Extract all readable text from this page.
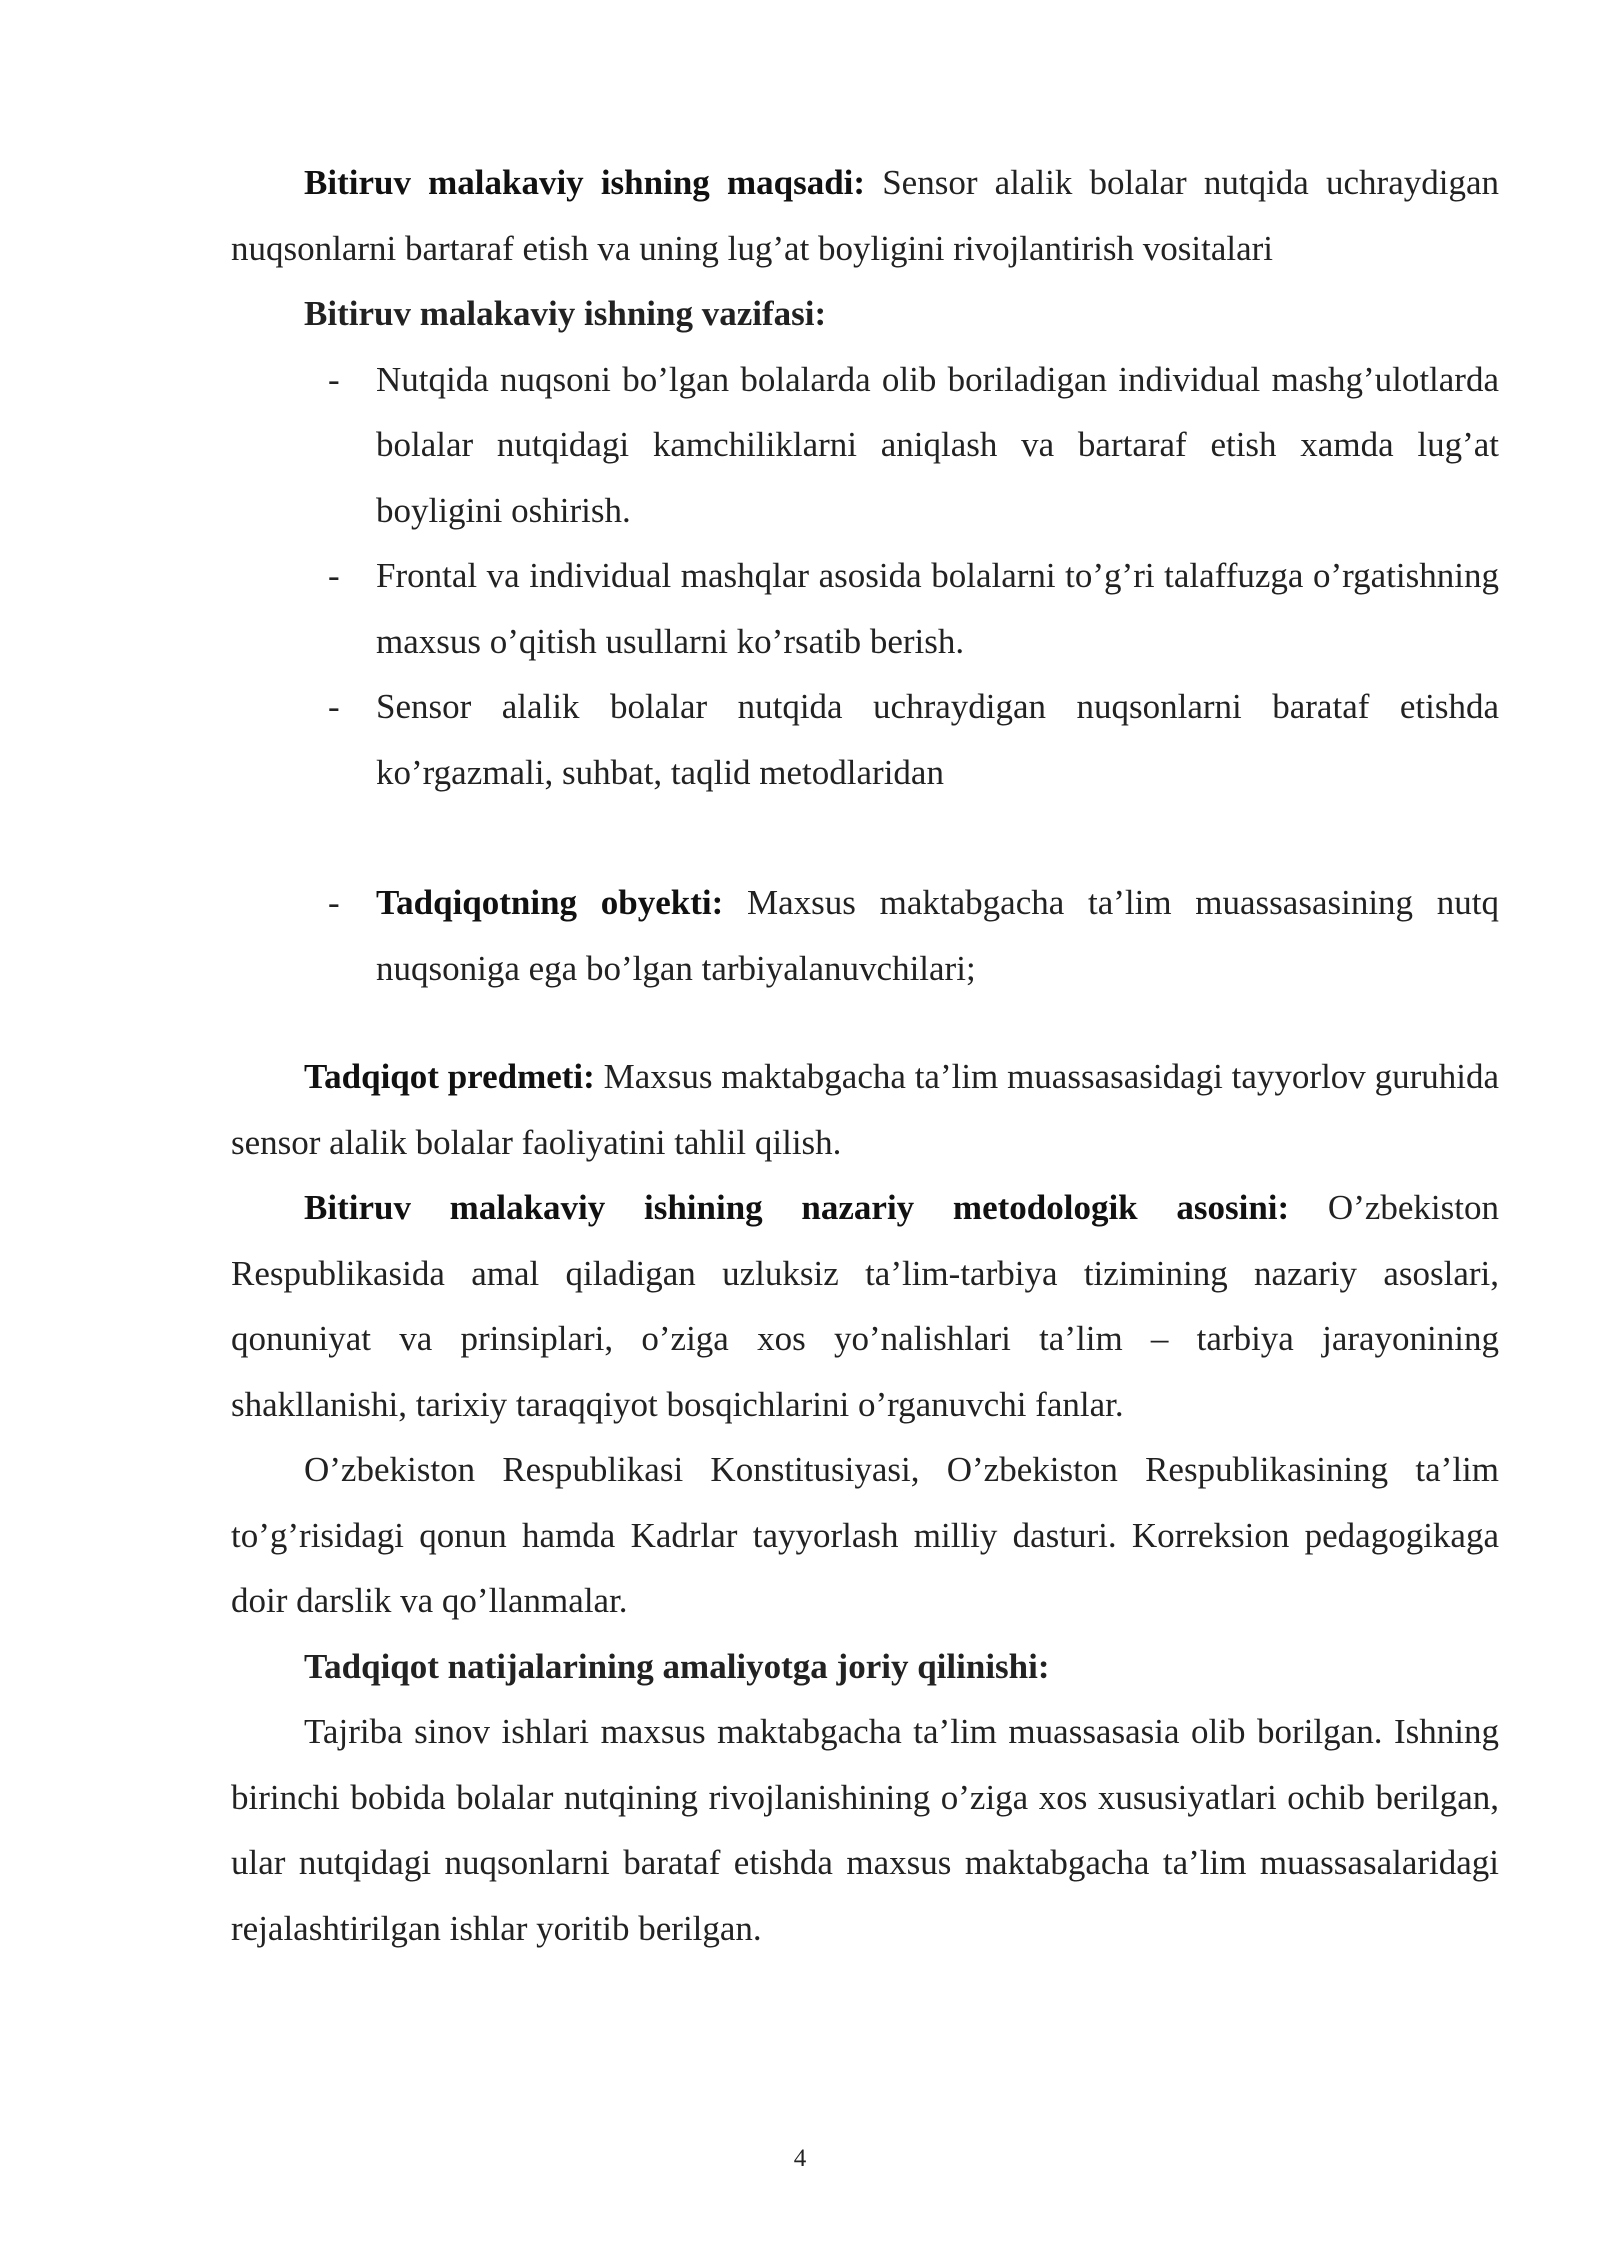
Bitiruv malakaviy ishning maqsadi: Sensor alalik bolalar nutqida uchraydigan nuqsonlarni bartaraf etish va uning lug’at boyligini rivojlantirish vositalari

Bitiruv malakaviy ishning vazifasi:

- Nutqida nuqsoni bo’lgan bolalarda olib boriladigan individual mashg’ulotlarda bolalar nutqidagi kamchiliklarni aniqlash va bartaraf etish xamda lug’at boyligini oshirish.
- Frontal va individual mashqlar asosida bolalarni to’g’ri talaffuzga o’rgatishning maxsus o’qitish usullarni ko’rsatib berish.
- Sensor alalik bolalar nutqida uchraydigan nuqsonlarni barataf etishda ko’rgazmali, suhbat, taqlid metodlaridan
- Tadqiqotning obyekti: Maxsus maktabgacha ta’lim muassasasining nutq nuqsoniga ega bo’lgan tarbiyalanuvchilari;

Tadqiqot predmeti: Maxsus maktabgacha ta’lim muassasasidagi tayyorlov guruhida sensor alalik bolalar faoliyatini tahlil qilish.

Bitiruv malakaviy ishining nazariy metodologik asosini: O’zbekiston Respublikasida amal qiladigan uzluksiz ta’lim-tarbiya tizimining nazariy asoslari, qonuniyat va prinsiplari, o’ziga xos yo’nalishlari ta’lim – tarbiya jarayonining shakllanishi, tarixiy taraqqiyot bosqichlarini o’rganuvchi fanlar.

O’zbekiston Respublikasi Konstitusiyasi, O’zbekiston Respublikasining ta’lim to’g’risidagi qonun hamda Kadrlar tayyorlash milliy dasturi. Korreksion pedagogikaga doir darslik va qo’llanmalar.

Tadqiqot natijalarining amaliyotga joriy qilinishi:

Tajriba sinov ishlari maxsus maktabgacha ta’lim muassasasia olib borilgan. Ishning birinchi bobida bolalar nutqining rivojlanishining o’ziga xos xususiyatlari ochib berilgan, ular nutqidagi nuqsonlarni barataf etishda maxsus maktabgacha ta’lim muassasalaridagi rejalashtirilgan ishlar yoritib berilgan.

4
